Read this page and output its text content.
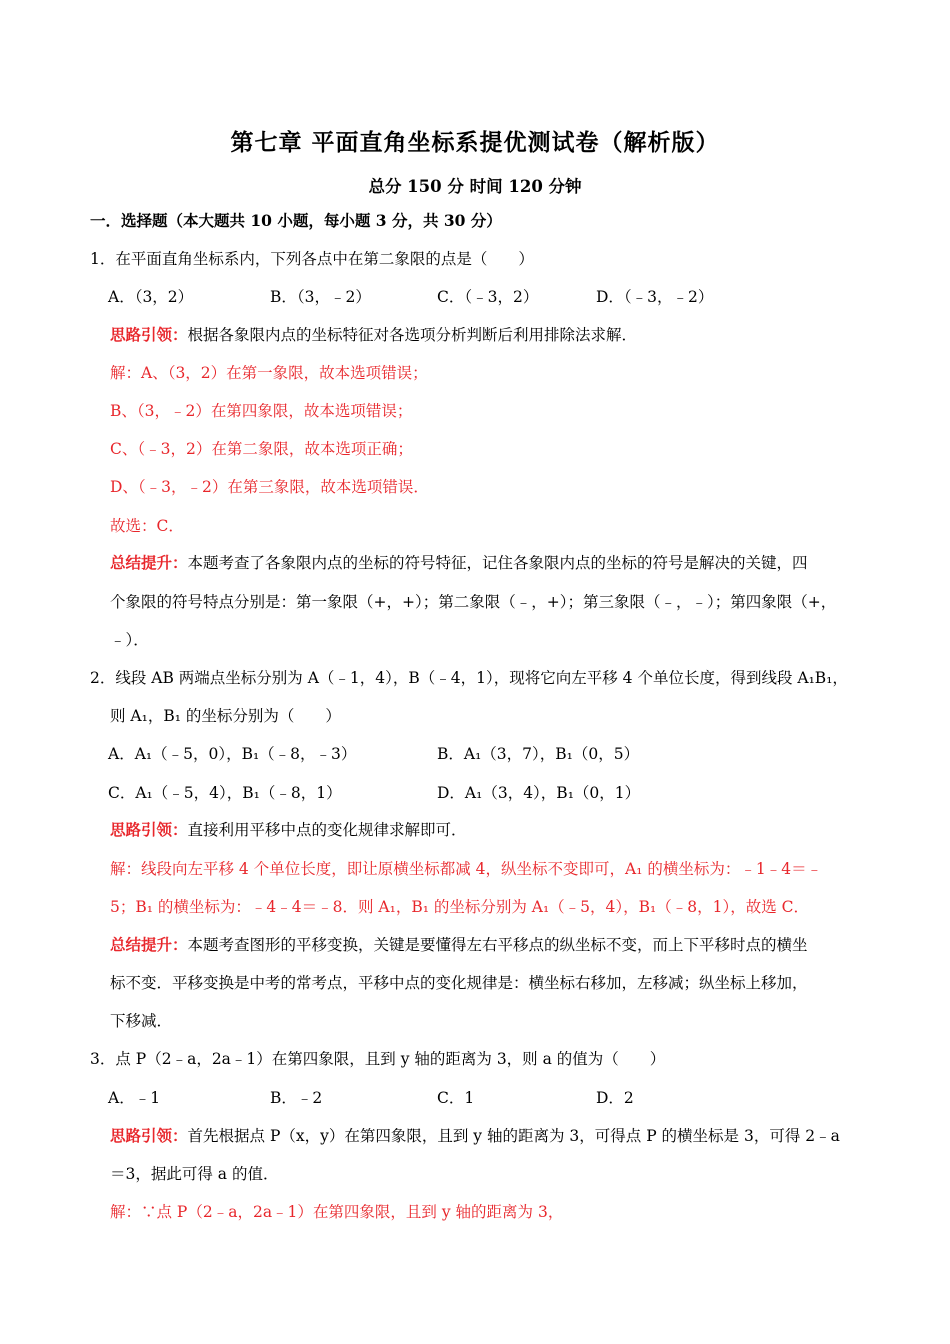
第七章 平面直角坐标系提优测试卷（解析版）
总分 150 分 时间 120 分钟
一．选择题（本大题共 10 小题，每小题 3 分，共 30 分）
1．在平面直角坐标系内，下列各点中在第二象限的点是（　　）
A．（3，2）	B．（3，﹣2）	C．（﹣3，2）	D．（﹣3，﹣2）
思路引领：根据各象限内点的坐标特征对各选项分析判断后利用排除法求解．
解：A、（3，2）在第一象限，故本选项错误；
B、（3，﹣2）在第四象限，故本选项错误；
C、（﹣3，2）在第二象限，故本选项正确；
D、（﹣3，﹣2）在第三象限，故本选项错误．
故选：C．
总结提升：本题考查了各象限内点的坐标的符号特征，记住各象限内点的坐标的符号是解决的关键，四
个象限的符号特点分别是：第一象限（+，+）；第二象限（﹣，+）；第三象限（﹣，﹣）；第四象限（+，
﹣）．
2．线段 AB 两端点坐标分别为 A（﹣1，4），B（﹣4，1），现将它向左平移 4 个单位长度，得到线段 A₁B₁，
则 A₁，B₁ 的坐标分别为（　　）
A．A₁（﹣5，0），B₁（﹣8，﹣3）	B．A₁（3，7），B₁（0，5）
C．A₁（﹣5，4），B₁（﹣8，1）	D．A₁（3，4），B₁（0，1）
思路引领：直接利用平移中点的变化规律求解即可．
解：线段向左平移 4 个单位长度，即让原横坐标都减 4，纵坐标不变即可，A₁ 的横坐标为：﹣1﹣4＝﹣
5；B₁ 的横坐标为：﹣4﹣4＝﹣8．则 A₁，B₁ 的坐标分别为 A₁（﹣5，4），B₁（﹣8，1），故选 C．
总结提升：本题考查图形的平移变换，关键是要懂得左右平移点的纵坐标不变，而上下平移时点的横坐
标不变．平移变换是中考的常考点，平移中点的变化规律是：横坐标右移加，左移减；纵坐标上移加，
下移减．
3．点 P（2﹣a，2a﹣1）在第四象限，且到 y 轴的距离为 3，则 a 的值为（　　）
A．﹣1	B．﹣2	C．1	D．2
思路引领：首先根据点 P（x，y）在第四象限，且到 y 轴的距离为 3，可得点 P 的横坐标是 3，可得 2﹣a
＝3，据此可得 a 的值．
解：∵点 P（2﹣a，2a﹣1）在第四象限，且到 y 轴的距离为 3，
